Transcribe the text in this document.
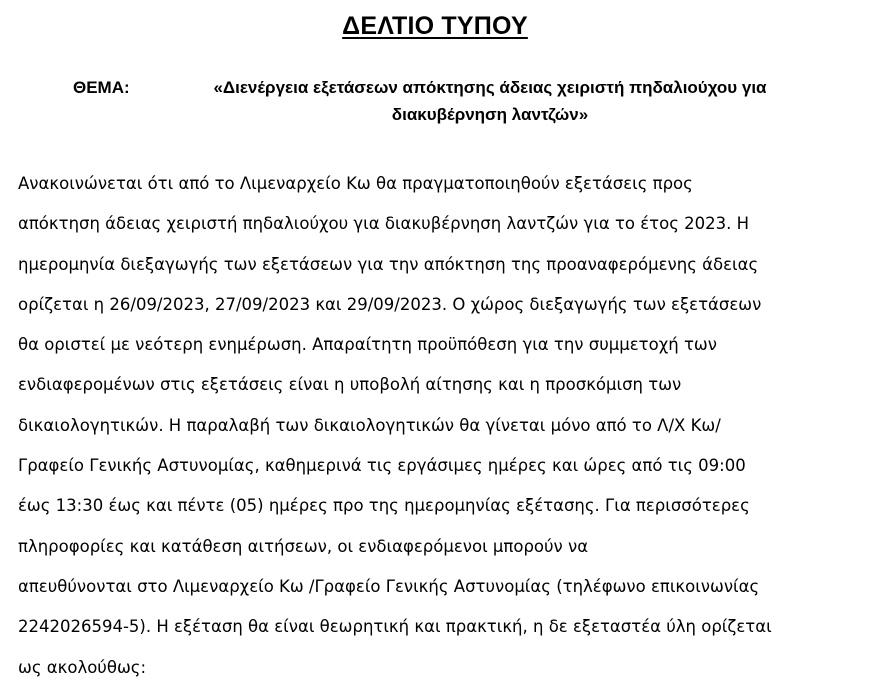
ΔΕΛΤΙΟ ΤΥΠΟΥ
ΘΕΜΑ:	«Διενέργεια εξετάσεων απόκτησης άδειας χειριστή πηδαλιούχου για
διακυβέρνηση λαντζών»
Ανακοινώνεται ότι από το Λιμεναρχείο Κω θα πραγματοποιηθούν εξετάσεις προς
απόκτηση άδειας χειριστή πηδαλιούχου για διακυβέρνηση λαντζών για το έτος 2023. Η
ημερομηνία διεξαγωγής των εξετάσεων για την απόκτηση της προαναφερόμενης άδειας
ορίζεται η 26/09/2023, 27/09/2023 και 29/09/2023. Ο χώρος διεξαγωγής των εξετάσεων
θα οριστεί με νεότερη ενημέρωση. Απαραίτητη προϋπόθεση για την συμμετοχή των
ενδιαφερομένων στις εξετάσεις είναι η υποβολή αίτησης και η προσκόμιση των
δικαιολογητικών. Η παραλαβή των δικαιολογητικών θα γίνεται μόνο από το Λ/Χ Κω/
Γραφείο Γενικής Αστυνομίας, καθημερινά τις εργάσιμες ημέρες και ώρες από τις 09:00
έως 13:30 έως και πέντε (05) ημέρες προ της ημερομηνίας εξέτασης. Για περισσότερες
πληροφορίες και κατάθεση αιτήσεων, οι ενδιαφερόμενοι μπορούν να
απευθύνονται στο Λιμεναρχείο Κω /Γραφείο Γενικής Αστυνομίας (τηλέφωνο επικοινωνίας
2242026594-5). Η εξέταση θα είναι θεωρητική και πρακτική, η δε εξεταστέα ύλη ορίζεται
ως ακολούθως:
